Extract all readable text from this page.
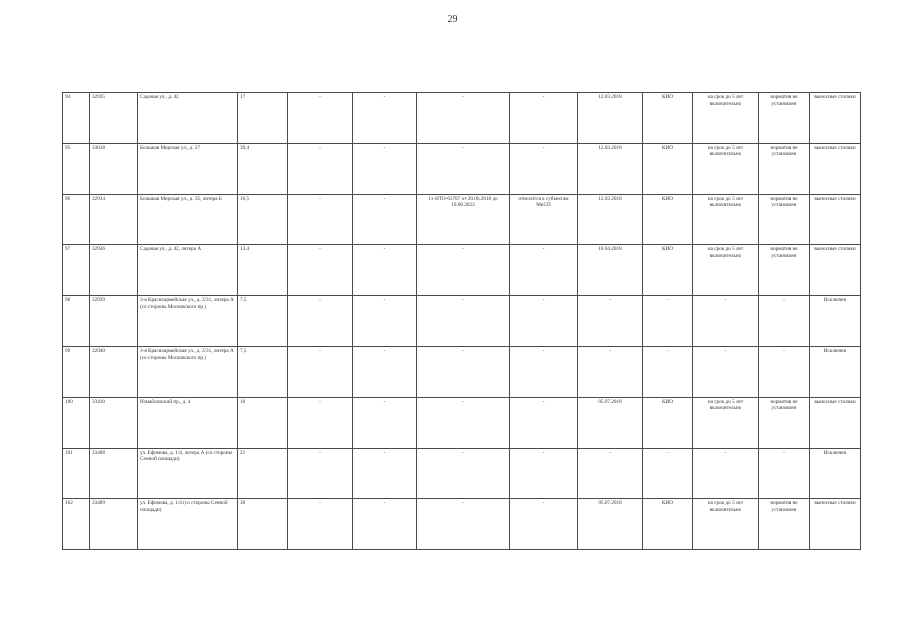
29
94	32935	Садовая ул., д. 42	17	-	-	-	-	12.03.2018	КИО	на срок до 5 лет включительно	норматив не установлен	выносные столики
95	33018	Большая Морская ул., д. 27	39,4	-	-	-	-	12.03.2018	КИО	на срок до 5 лет включительно	норматив не установлен	выносные столики
96	32934	Большая Морская ул., д. 35, литера Б	16,5	-	-	11-НТО-03787 от 20.06.2018 до 19.06.2023	относится к субъектам МиСП	12.03.2018	КИО	на срок до 5 лет включительно	норматив не установлен	выносные столики
97	32936	Садовая ул., д. 42, литера А	13,4	-	-	-	-	18.04.2018	КИО	на срок до 5 лет включительно	норматив не установлен	выносные столики
98	32939	3-я Красноармейская ул., д. 2/31, литера А (со стороны Московского пр.)	7,5	-	-	-	-	-	-	-	-	Исключен
99	32940	3-я Красноармейская ул., д. 2/31, литера А (со стороны Московского пр.)	7,5	-	-	-	-	-	-	-	-	Исключен
100	33410	Измайловский пр., д. 4	16	-	-	-	-	05.07.2018	КИО	на срок до 5 лет включительно	норматив не установлен	выносные столики
101	33408	ул. Ефимова, д. 1/4, литера А (со стороны Сенной площади)	21	-	-	-	-	-	-	-	-	Исключен
102	33409	ул. Ефимова, д. 1/4 (со стороны Сенной площади)	30	-	-	-	-	05.07.2018	КИО	на срок до 5 лет включительно	норматив не установлен	выносные столики
